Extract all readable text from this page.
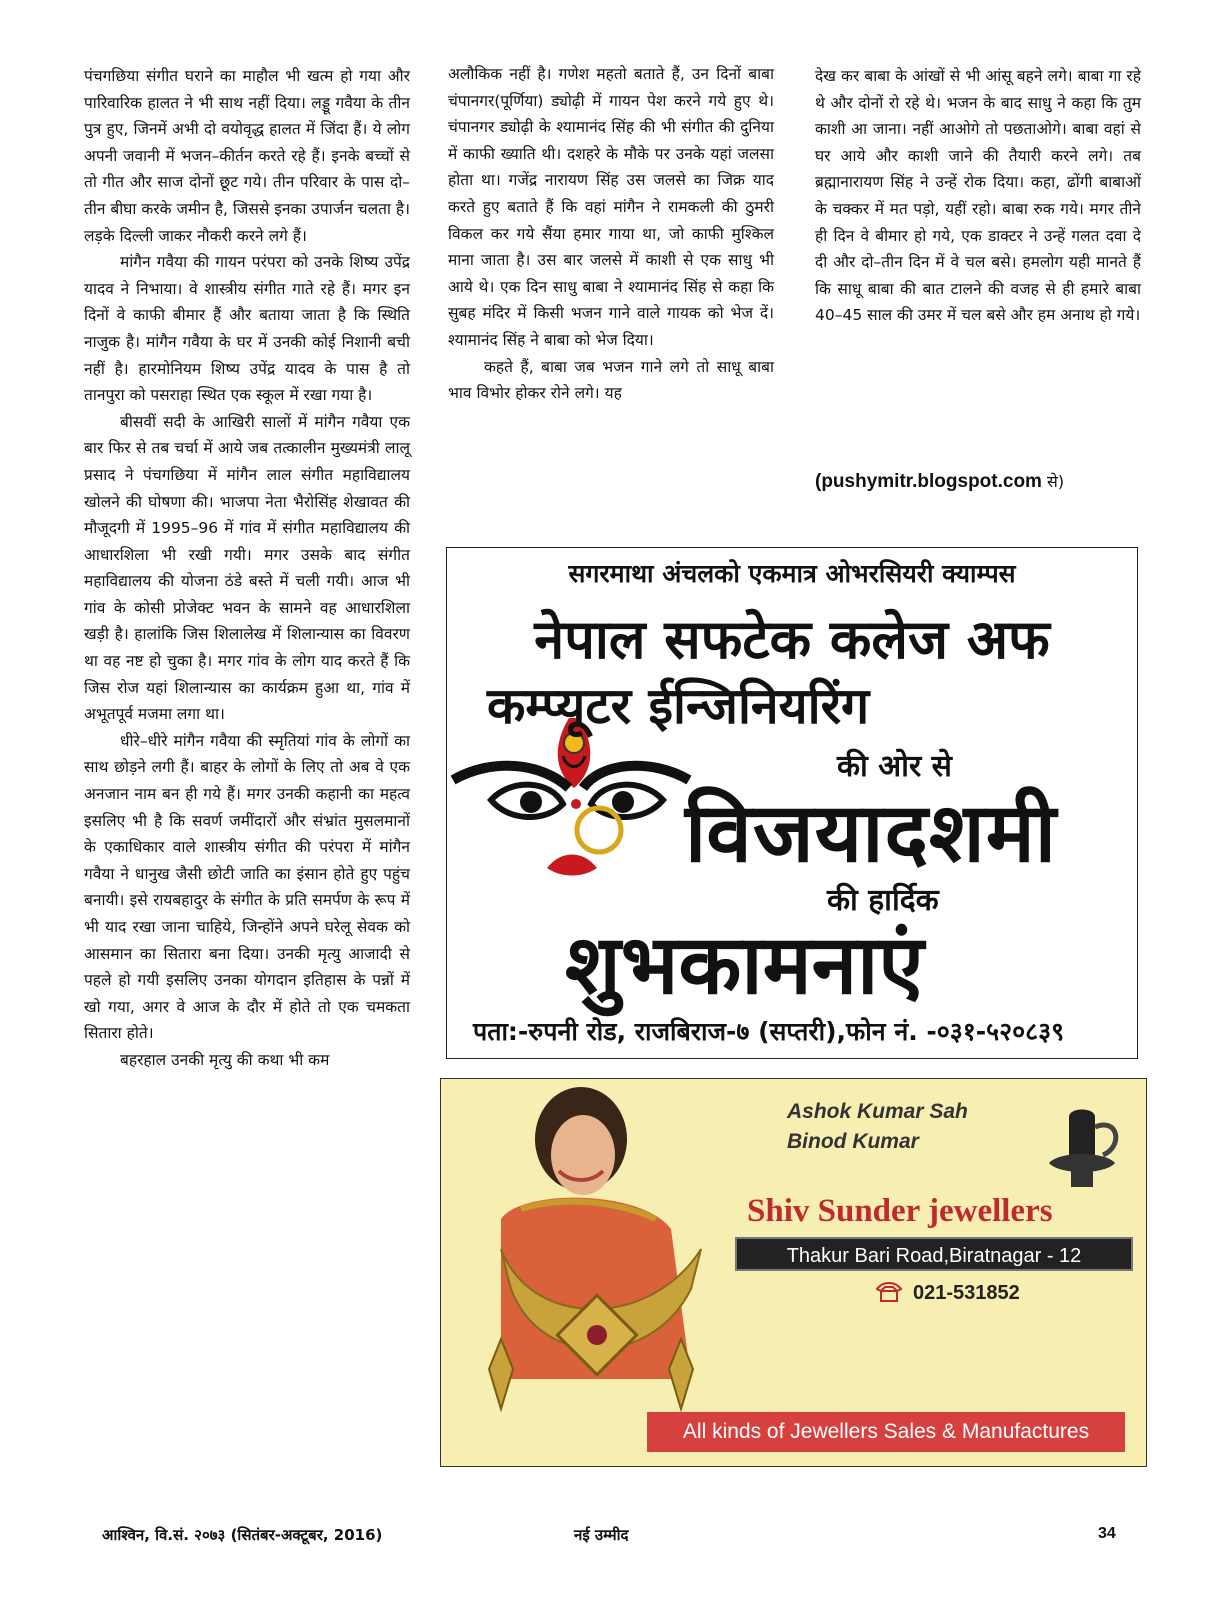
पंचगछिया संगीत घराने का माहौल भी खत्म हो गया और पारिवारिक हालत ने भी साथ नहीं दिया। लड्डू गवैया के तीन पुत्र हुए, जिनमें अभी दो वयोवृद्ध हालत में जिंदा हैं। ये लोग अपनी जवानी में भजन–कीर्तन करते रहे हैं। इनके बच्चों से तो गीत और साज दोनों छूट गये। तीन परिवार के पास दो–तीन बीघा करके जमीन है, जिससे इनका उपार्जन चलता है। लड़के दिल्ली जाकर नौकरी करने लगे हैं।

मांगैन गवैया की गायन परंपरा को उनके शिष्य उपेंद्र यादव ने निभाया। वे शास्त्रीय संगीत गाते रहे हैं। मगर इन दिनों वे काफी बीमार हैं और बताया जाता है कि स्थिति नाजुक है। मांगैन गवैया के घर में उनकी कोई निशानी बची नहीं है। हारमोनियम शिष्य उपेंद्र यादव के पास है तो तानपुरा को पसराहा स्थित एक स्कूल में रखा गया है।

बीसवीं सदी के आखिरी सालों में मांगैन गवैया एक बार फिर से तब चर्चा में आये जब तत्कालीन मुख्यमंत्री लालू प्रसाद ने पंचगछिया में मांगैन लाल संगीत महाविद्यालय खोलने की घोषणा की। भाजपा नेता भैरोसिंह शेखावत की मौजूदगी में 1995–96 में गांव में संगीत महाविद्यालय की आधारशिला भी रखी गयी। मगर उसके बाद संगीत महाविद्यालय की योजना ठंडे बस्ते में चली गयी। आज भी गांव के कोसी प्रोजेक्ट भवन के सामने वह आधारशिला खड़ी है। हालांकि जिस शिलालेख में शिलान्यास का विवरण था वह नष्ट हो चुका है। मगर गांव के लोग याद करते हैं कि जिस रोज यहां शिलान्यास का कार्यक्रम हुआ था, गांव में अभूतपूर्व मजमा लगा था।

धीरे–धीरे मांगैन गवैया की स्मृतियां गांव के लोगों का साथ छोड़ने लगी हैं। बाहर के लोगों के लिए तो अब वे एक अनजान नाम बन ही गये हैं। मगर उनकी कहानी का महत्व इसलिए भी है कि सवर्ण जमींदारों और संभ्रांत मुसलमानों के एकाधिकार वाले शास्त्रीय संगीत की परंपरा में मांगैन गवैया ने धानुख जैसी छोटी जाति का इंसान होते हुए पहुंच बनायी। इसे रायबहादुर के संगीत के प्रति समर्पण के रूप में भी याद रखा जाना चाहिये, जिन्होंने अपने घरेलू सेवक को आसमान का सितारा बना दिया। उनकी मृत्यु आजादी से पहले हो गयी इसलिए उनका योगदान इतिहास के पन्नों में खो गया, अगर वे आज के दौर में होते तो एक चमकता सितारा होते।

बहरहाल उनकी मृत्यु की कथा भी कम

अलौकिक नहीं है। गणेश महतो बताते हैं, उन दिनों बाबा चंपानगर(पूर्णिया) ड्योढ़ी में गायन पेश करने गये हुए थे। चंपानगर ड्योढ़ी के श्यामानंद सिंह की भी संगीत की दुनिया में काफी ख्याति थी। दशहरे के मौके पर उनके यहां जलसा होता था। गजेंद्र नारायण सिंह उस जलसे का जिक्र याद करते हुए बताते हैं कि वहां मांगैन ने रामकली की ठुमरी विकल कर गये सैंया हमार गाया था, जो काफी मुश्किल माना जाता है। उस बार जलसे में काशी से एक साधु भी आये थे। एक दिन साधु बाबा ने श्यामानंद सिंह से कहा कि सुबह मंदिर में किसी भजन गाने वाले गायक को भेज दें। श्यामानंद सिंह ने बाबा को भेज दिया।

कहते हैं, बाबा जब भजन गाने लगे तो साधू बाबा भाव विभोर होकर रोने लगे। यह

देख कर बाबा के आंखों से भी आंसू बहने लगे। बाबा गा रहे थे और दोनों रो रहे थे। भजन के बाद साधु ने कहा कि तुम काशी आ जाना। नहीं आओगे तो पछताओगे। बाबा वहां से घर आये और काशी जाने की तैयारी करने लगे। तब ब्रह्मानारायण सिंह ने उन्हें रोक दिया। कहा, ढोंगी बाबाओं के चक्कर में मत पड़ो, यहीं रहो। बाबा रुक गये। मगर तीने ही दिन वे बीमार हो गये, एक डाक्टर ने उन्हें गलत दवा दे दी और दो–तीन दिन में वे चल बसे। हमलोग यही मानते हैं कि साधू बाबा की बात टालने की वजह से ही हमारे बाबा 40–45 साल की उमर में चल बसे और हम अनाथ हो गये।

(pushymitr.blogspot.com से)
सगरमाथा अंचलको एकमात्र ओभरसियरी क्याम्पस
नेपाल सफटेक कलेज अफ
कम्प्यूटर ईन्जिनियरिंग
की ओर से
विजयादशमी
की हार्दिक
शुभकामनाएं
पता:-रुपनी रोड, राजबिराज-७ (सप्तरी),फोन नं. -०३१-५२०८३९
Ashok Kumar Sah
Binod Kumar
Shiv Sunder jewellers
Thakur Bari Road,Biratnagar - 12
021-531852
All kinds of Jewellers Sales & Manufactures
आश्विन, वि.सं. २०७३ (सितंबर-अक्टूबर, 2016)	नई उम्मीद	34
